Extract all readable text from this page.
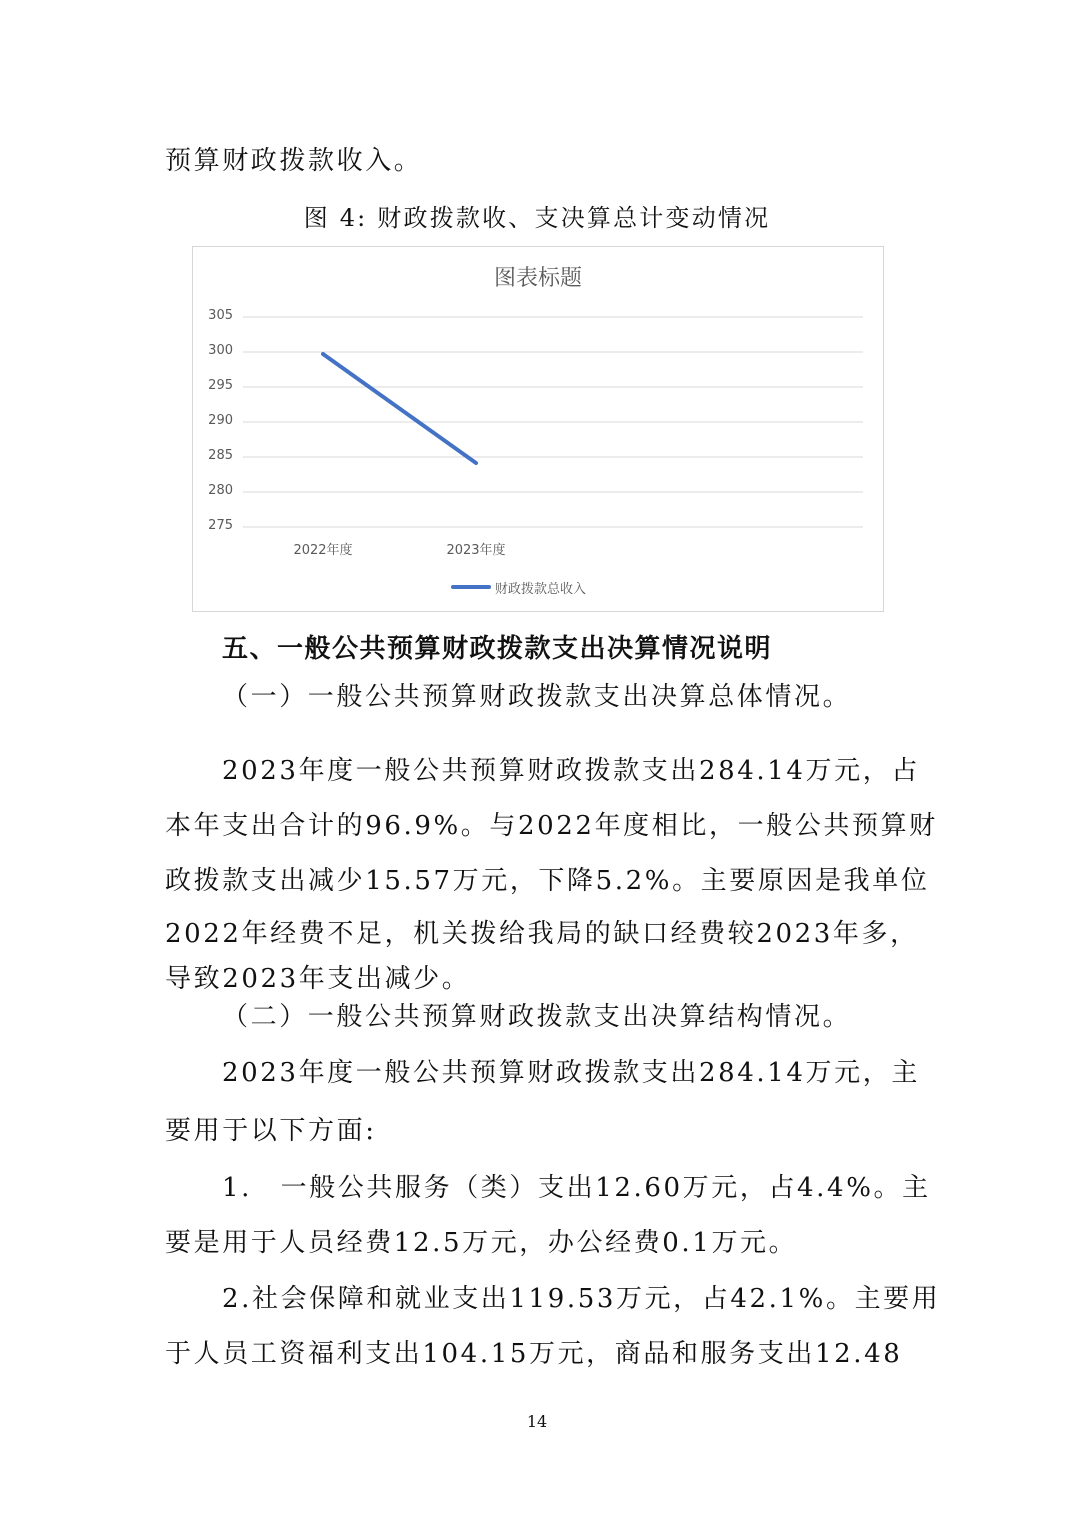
预算财政拨款收入。
图 4: 财政拨款收、支决算总计变动情况
图表标题
305
300
295
290
285
280
275
2022年度	2023年度
财政拨款总收入
五、一般公共预算财政拨款支出决算情况说明
（一）一般公共预算财政拨款支出决算总体情况。
2023年度一般公共预算财政拨款支出284.14万元，占
本年支出合计的96.9%。与2022年度相比，一般公共预算财
政拨款支出减少15.57万元，下降5.2%。主要原因是我单位
2022年经费不足，机关拨给我局的缺口经费较2023年多，
导致2023年支出减少。
（二）一般公共预算财政拨款支出决算结构情况。
2023年度一般公共预算财政拨款支出284.14万元，主
要用于以下方面:
1.　一般公共服务（类）支出12.60万元，占4.4%。主
要是用于人员经费12.5万元，办公经费0.1万元。
2.社会保障和就业支出119.53万元，占42.1%。主要用
于人员工资福利支出104.15万元，商品和服务支出12.48
14
